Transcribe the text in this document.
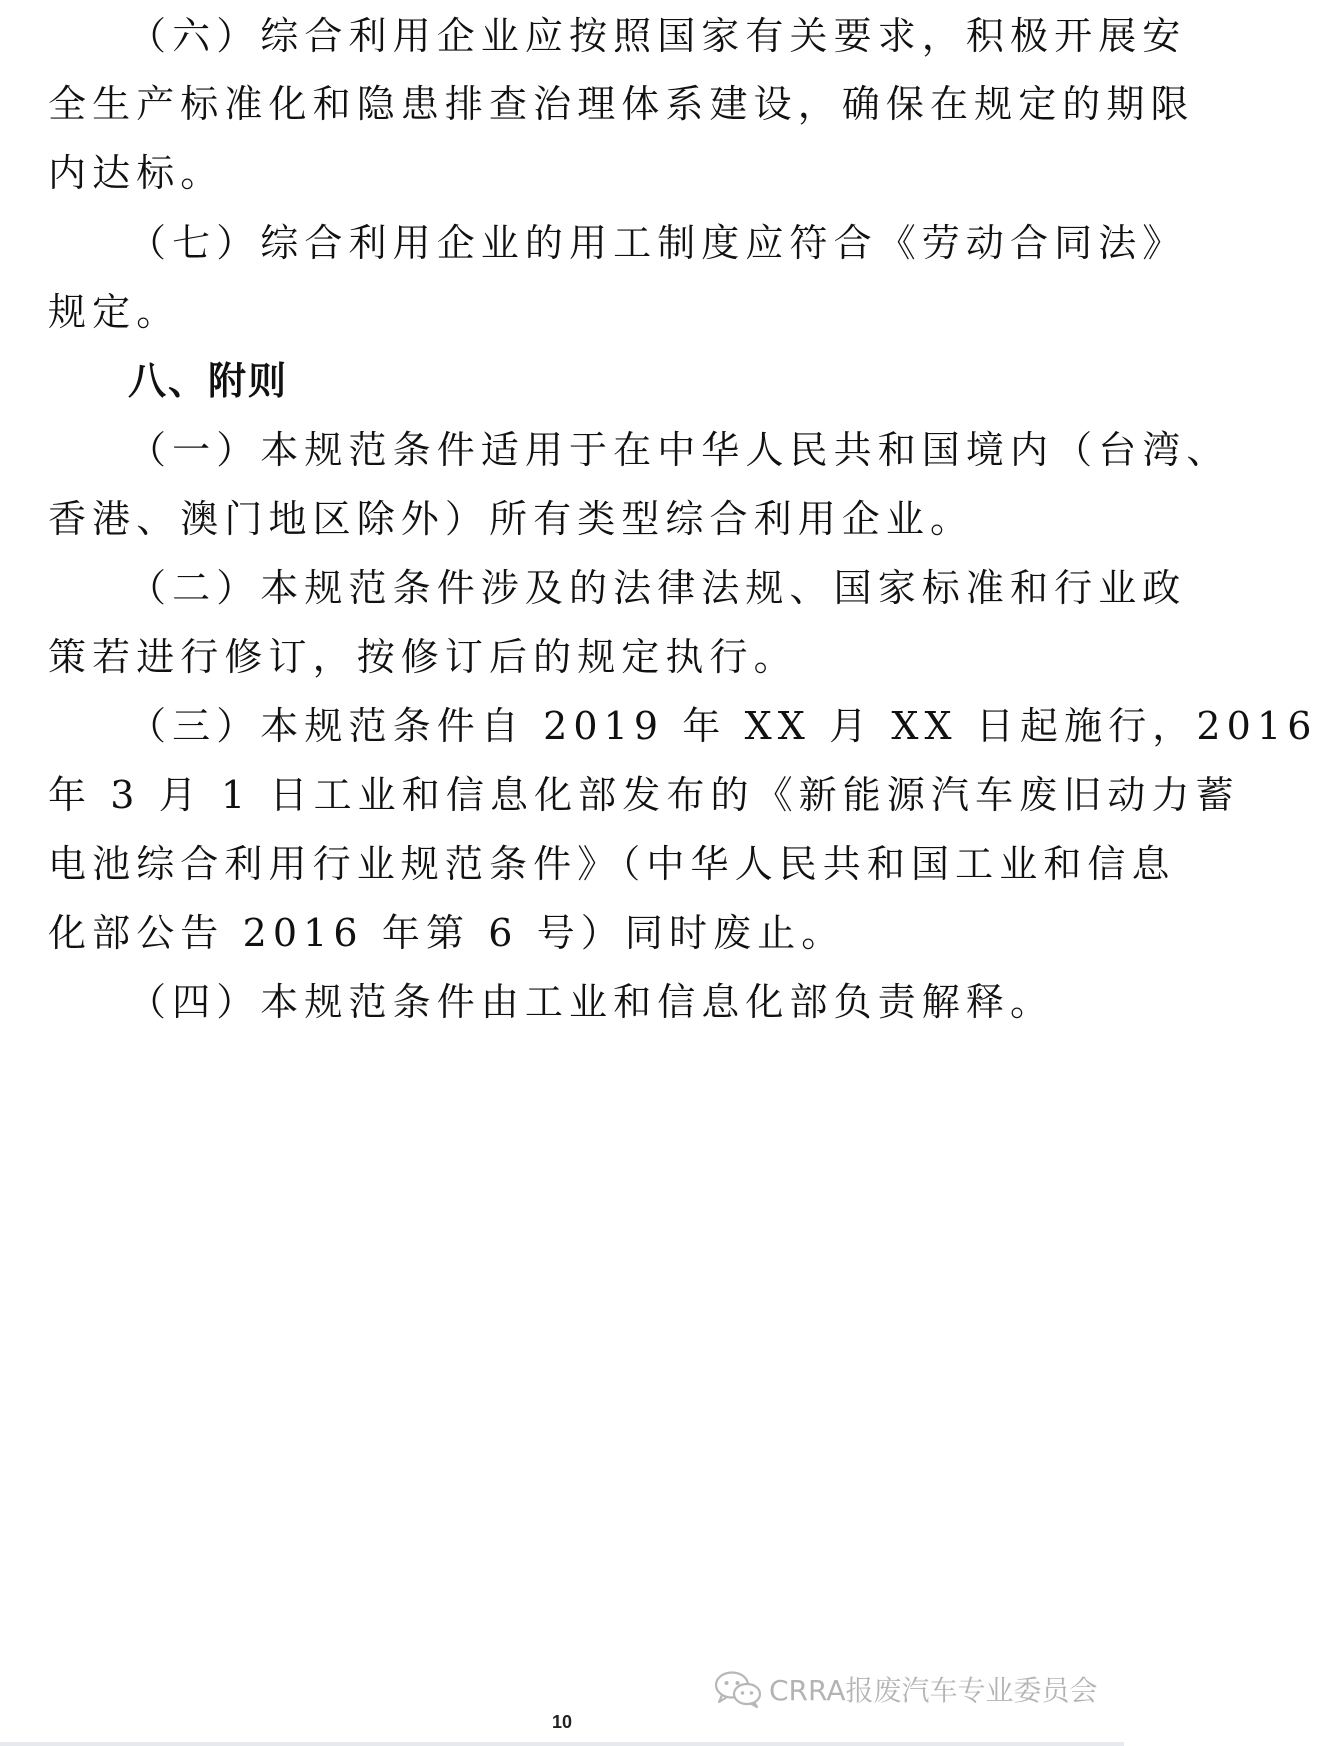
（六）综合利用企业应按照国家有关要求，积极开展安
全生产标准化和隐患排查治理体系建设，确保在规定的期限
内达标。
（七）综合利用企业的用工制度应符合《劳动合同法》
规定。
八、附则
（一）本规范条件适用于在中华人民共和国境内（台湾、
香港、澳门地区除外）所有类型综合利用企业。
（二）本规范条件涉及的法律法规、国家标准和行业政
策若进行修订，按修订后的规定执行。
（三）本规范条件自 2019 年 XX 月 XX 日起施行，2016
年 3 月 1 日工业和信息化部发布的《新能源汽车废旧动力蓄
电池综合利用行业规范条件》（中华人民共和国工业和信息
化部公告 2016 年第 6 号）同时废止。
（四）本规范条件由工业和信息化部负责解释。
CRRA报废汽车专业委员会
10
